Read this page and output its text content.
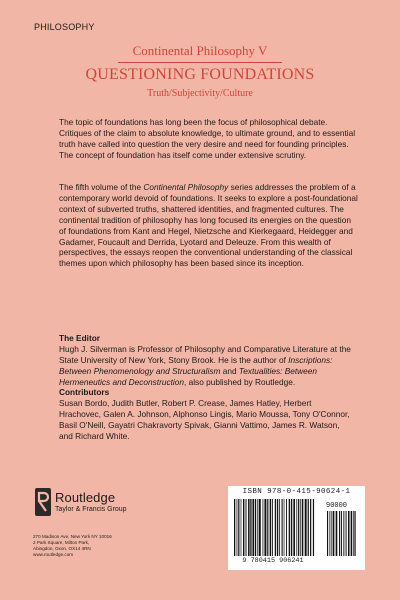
PHILOSOPHY
Continental Philosophy V
QUESTIONING FOUNDATIONS
Truth/Subjectivity/Culture

The topic of foundations has long been the focus of philosophical debate. Critiques of the claim to absolute knowledge, to ultimate ground, and to essential truth have called into question the very desire and need for founding principles. The concept of foundation has itself come under extensive scrutiny.

The fifth volume of the Continental Philosophy series addresses the problem of a contemporary world devoid of foundations. It seeks to explore a post-foundational context of subverted truths, shattered identities, and fragmented cultures. The continental tradition of philosophy has long focused its energies on the question of foundations from Kant and Hegel, Nietzsche and Kierkegaard, Heidegger and Gadamer, Foucault and Derrida, Lyotard and Deleuze. From this wealth of perspectives, the essays reopen the conventional understanding of the classical themes upon which philosophy has been based since its inception.

The Editor

Hugh J. Silverman is Professor of Philosophy and Comparative Literature at the State University of New York, Stony Brook. He is the author of Inscriptions: Between Phenomenology and Structuralism and Textualities: Between Hermeneutics and Deconstruction, also published by Routledge.

Contributors

Susan Bordo, Judith Butler, Robert P. Crease, James Hatley, Herbert Hrachovec, Galen A. Johnson, Alphonso Lingis, Mario Moussa, Tony O'Connor, Basil O'Neill, Gayatri Chakravorty Spivak, Gianni Vattimo, James R. Watson, and Richard White.

Routledge
Taylor & Francis Group
270 Madison Ave, New York NY 10016
2 Park Square, Milton Park,
Abingdon, Oxon, OX14 4RN
www.routledge.com
ISBN 978-0-415-90624-1
90000
9 780415 906241
